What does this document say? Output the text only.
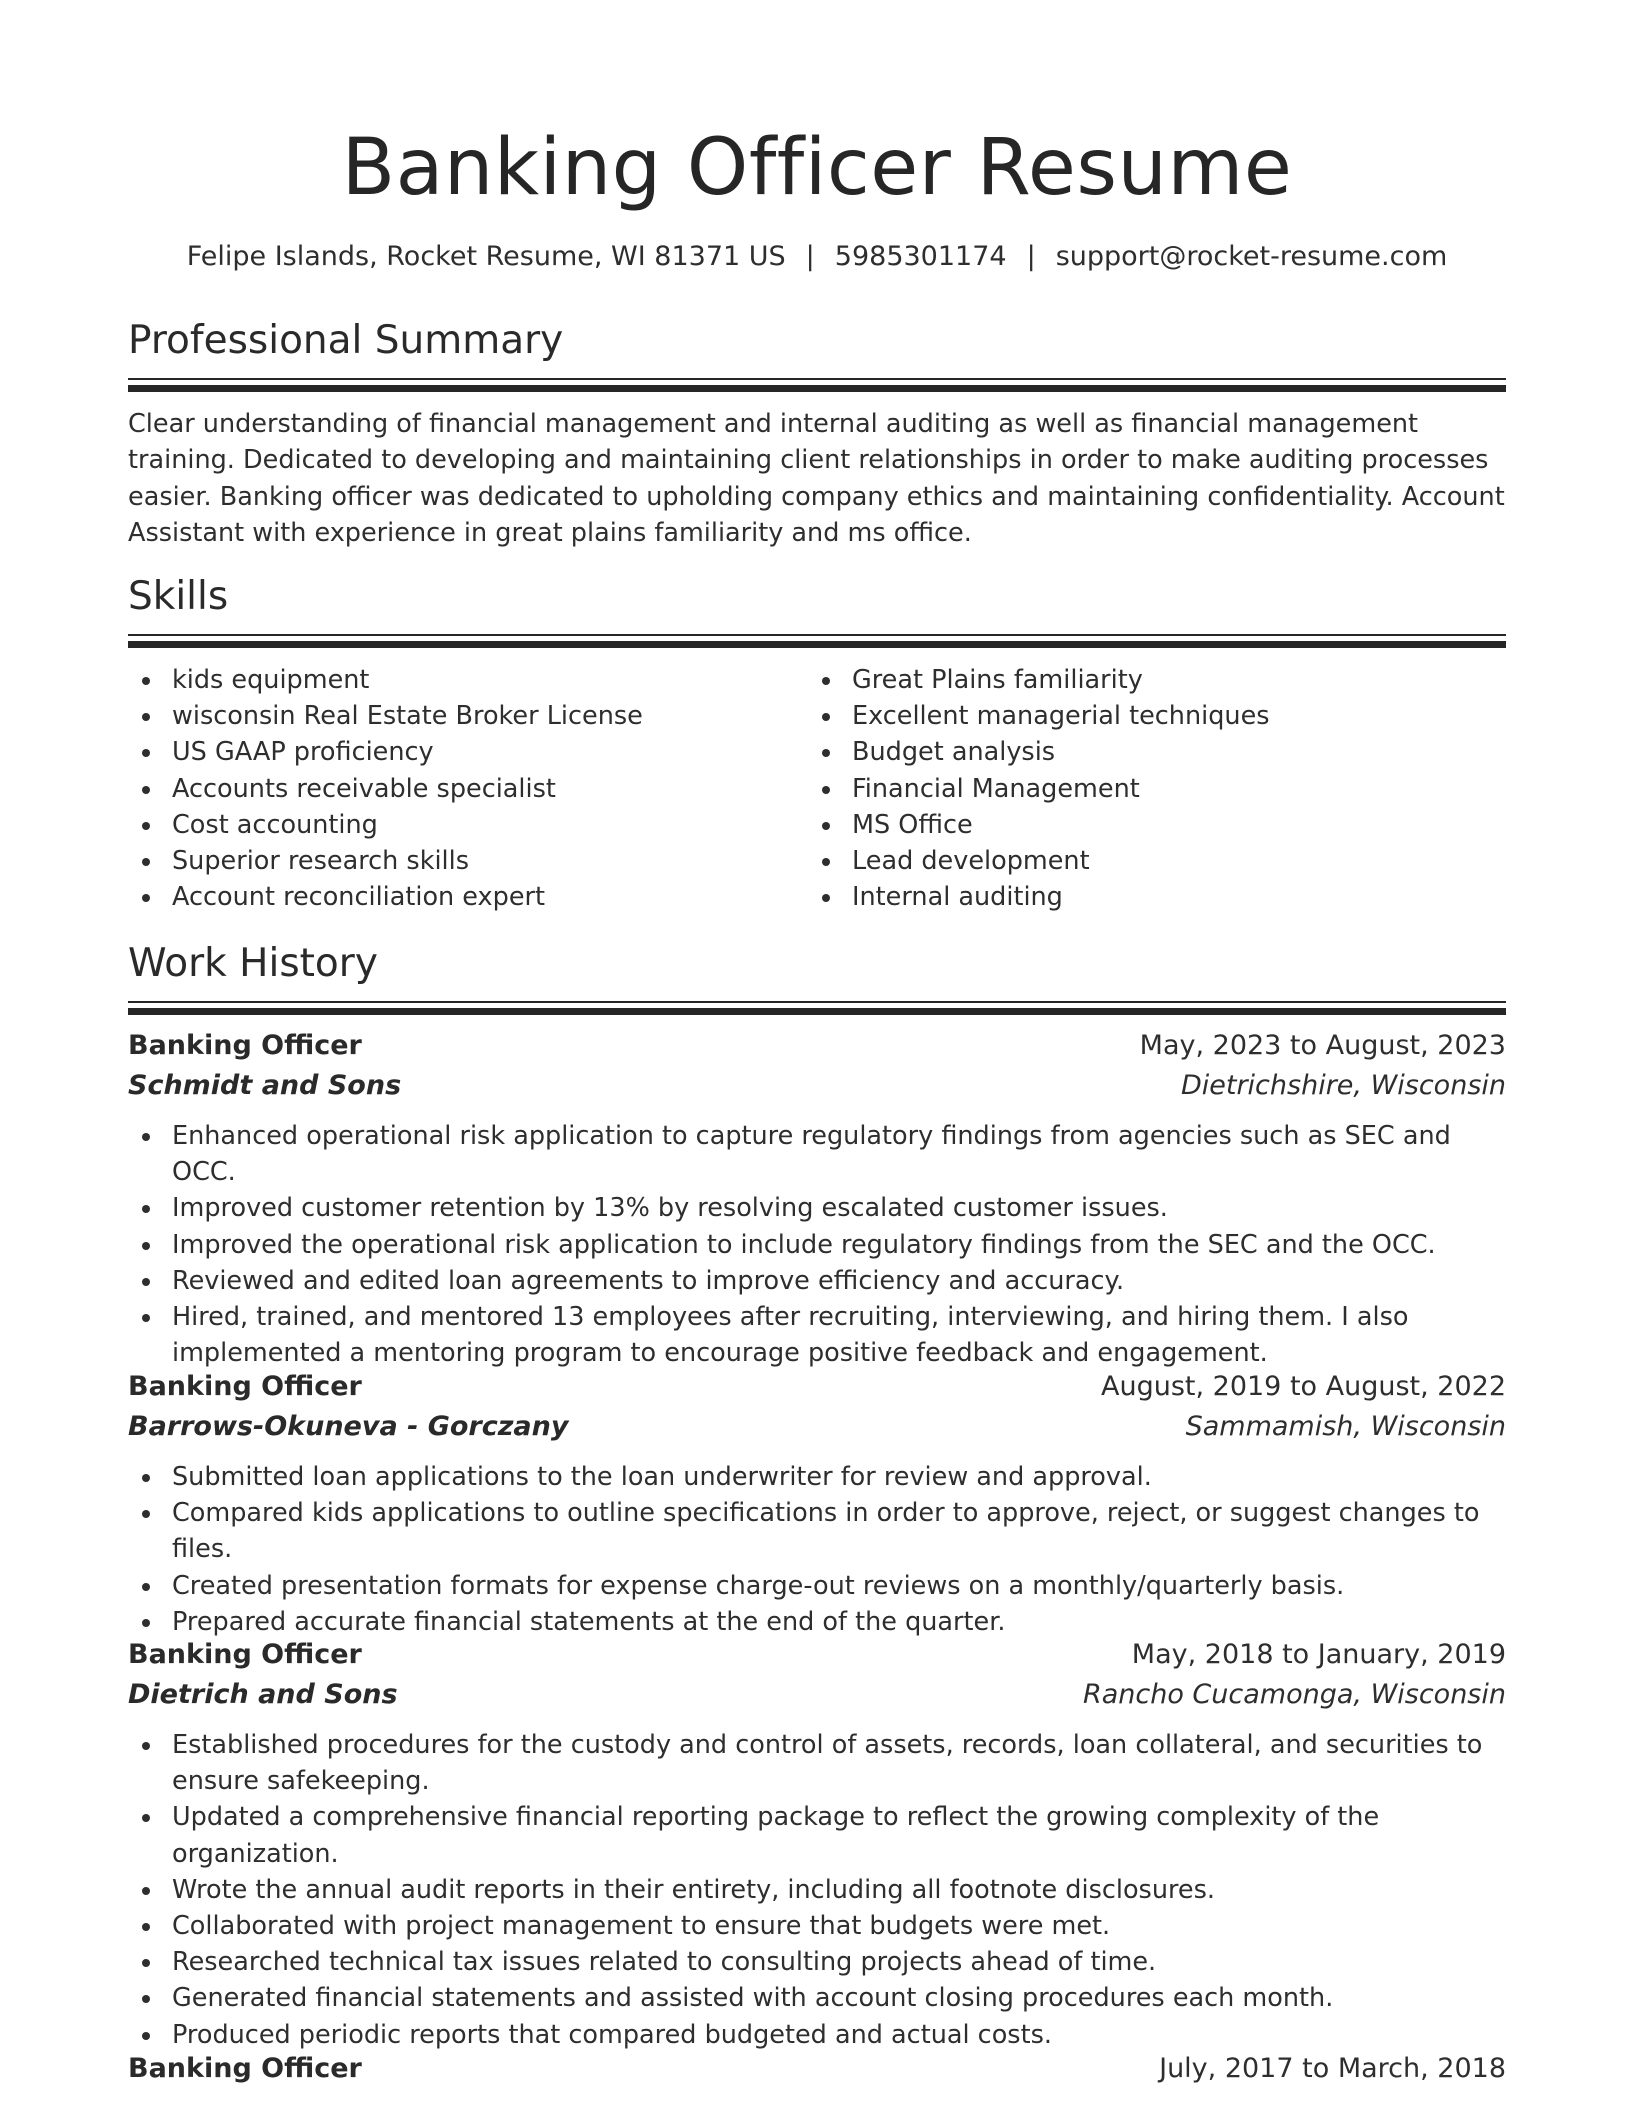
Banking Officer Resume
Felipe Islands, Rocket Resume, WI 81371 US | 5985301174 | support@rocket-resume.com
Professional Summary

Clear understanding of financial management and internal auditing as well as financial management training. Dedicated to developing and maintaining client relationships in order to make auditing processes easier. Banking officer was dedicated to upholding company ethics and maintaining confidentiality. Account Assistant with experience in great plains familiarity and ms office.

Skills
kids equipment
wisconsin Real Estate Broker License
US GAAP proficiency
Accounts receivable specialist
Cost accounting
Superior research skills
Account reconciliation expert
Great Plains familiarity
Excellent managerial techniques
Budget analysis
Financial Management
MS Office
Lead development
Internal auditing
Work History
Banking Officer	May, 2023 to August, 2023
Schmidt and Sons	Dietrichshire, Wisconsin
Enhanced operational risk application to capture regulatory findings from agencies such as SEC and OCC.
Improved customer retention by 13% by resolving escalated customer issues.
Improved the operational risk application to include regulatory findings from the SEC and the OCC.
Reviewed and edited loan agreements to improve efficiency and accuracy.
Hired, trained, and mentored 13 employees after recruiting, interviewing, and hiring them. I also implemented a mentoring program to encourage positive feedback and engagement.
Banking Officer	August, 2019 to August, 2022
Barrows-Okuneva - Gorczany	Sammamish, Wisconsin
Submitted loan applications to the loan underwriter for review and approval.
Compared kids applications to outline specifications in order to approve, reject, or suggest changes to files.
Created presentation formats for expense charge-out reviews on a monthly/quarterly basis.
Prepared accurate financial statements at the end of the quarter.
Banking Officer	May, 2018 to January, 2019
Dietrich and Sons	Rancho Cucamonga, Wisconsin
Established procedures for the custody and control of assets, records, loan collateral, and securities to ensure safekeeping.
Updated a comprehensive financial reporting package to reflect the growing complexity of the organization.
Wrote the annual audit reports in their entirety, including all footnote disclosures.
Collaborated with project management to ensure that budgets were met.
Researched technical tax issues related to consulting projects ahead of time.
Generated financial statements and assisted with account closing procedures each month.
Produced periodic reports that compared budgeted and actual costs.
Banking Officer	July, 2017 to March, 2018
